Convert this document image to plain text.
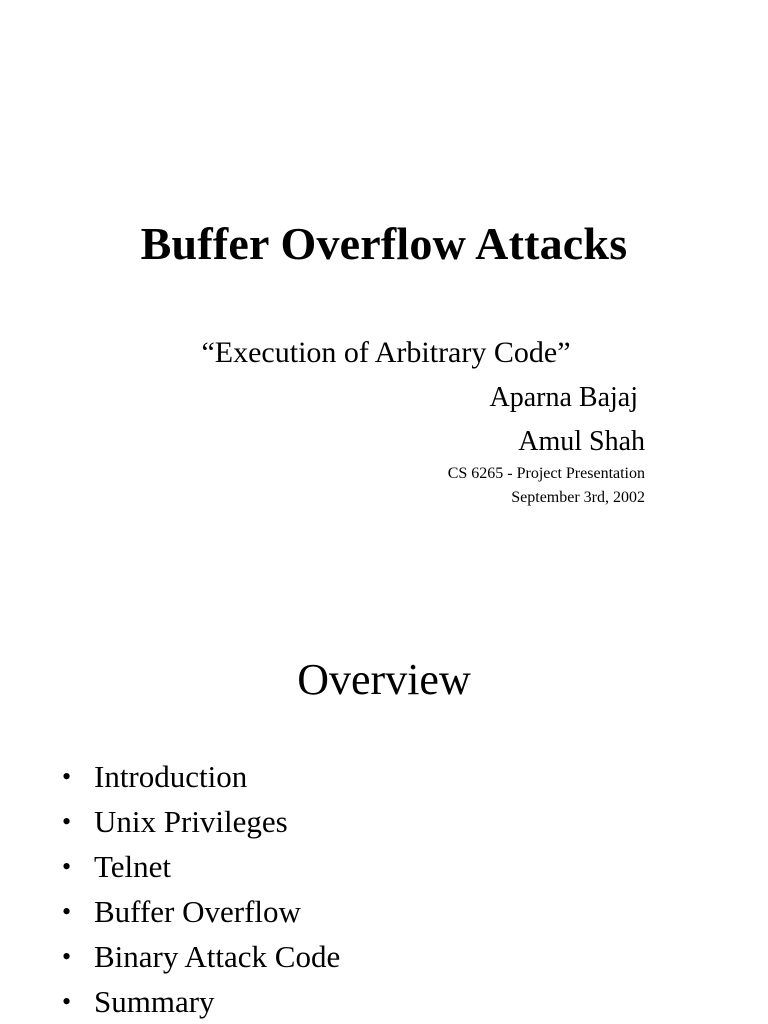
Buffer Overflow Attacks
“Execution of Arbitrary Code”
Aparna Bajaj
Amul Shah
CS 6265 - Project Presentation
September 3rd, 2002
Overview
• Introduction
• Unix Privileges
• Telnet
• Buffer Overflow
• Binary Attack Code
• Summary
